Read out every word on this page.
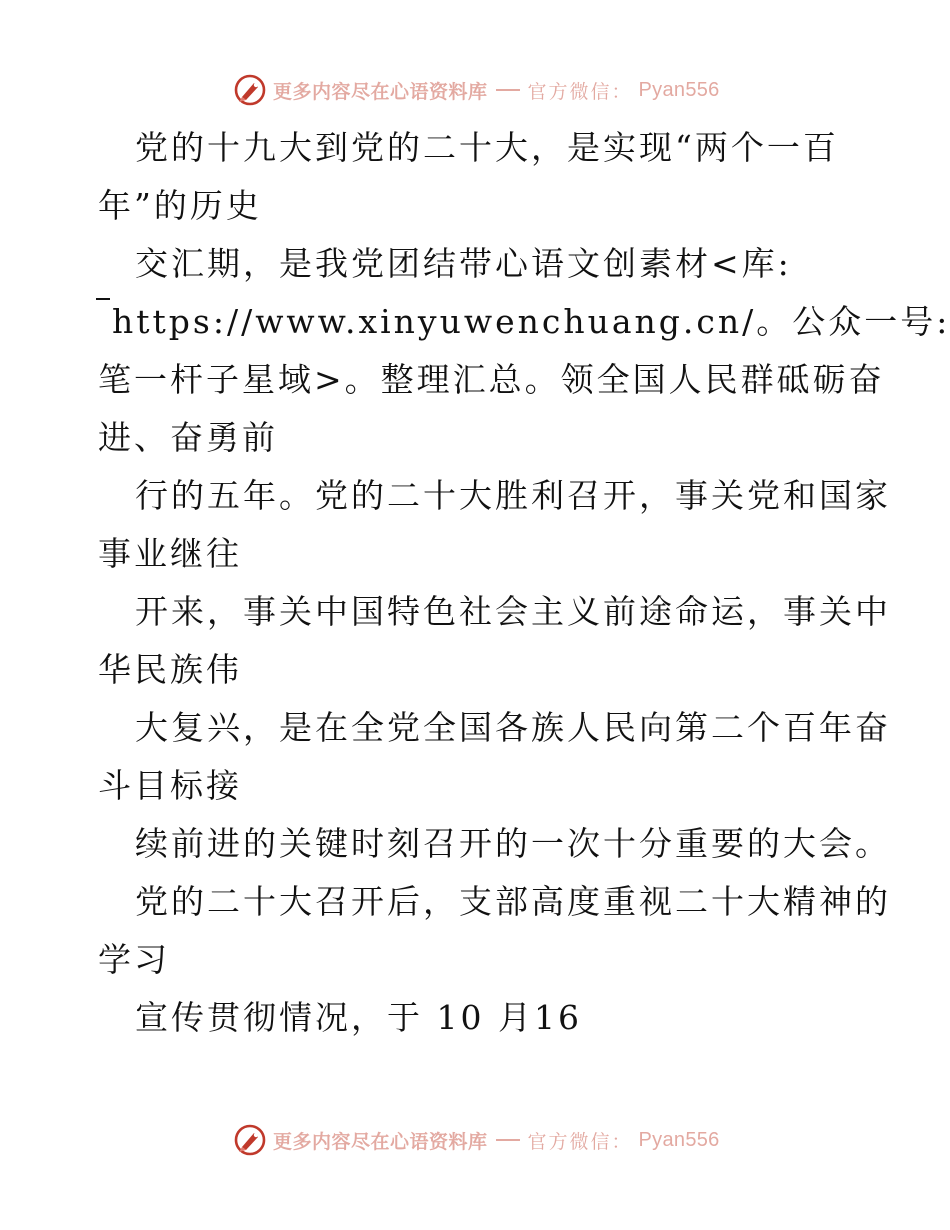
更多内容尽在心语资料库 官方微信： Pyan556
党的十九大到党的二十大，是实现“两个一百
年”的历史
交汇期，是我党团结带心语文创素材<库:
https://www.xinyuwenchuang.cn/。公众一号:
笔一杆子星域>。整理汇总。领全国人民群砥砺奋
进、奋勇前
行的五年。党的二十大胜利召开，事关党和国家
事业继往
开来，事关中国特色社会主义前途命运，事关中
华民族伟
大复兴，是在全党全国各族人民向第二个百年奋
斗目标接
续前进的关键时刻召开的一次十分重要的大会。
党的二十大召开后，支部高度重视二十大精神的
学习
宣传贯彻情况，于 10 月16
更多内容尽在心语资料库 官方微信： Pyan556
